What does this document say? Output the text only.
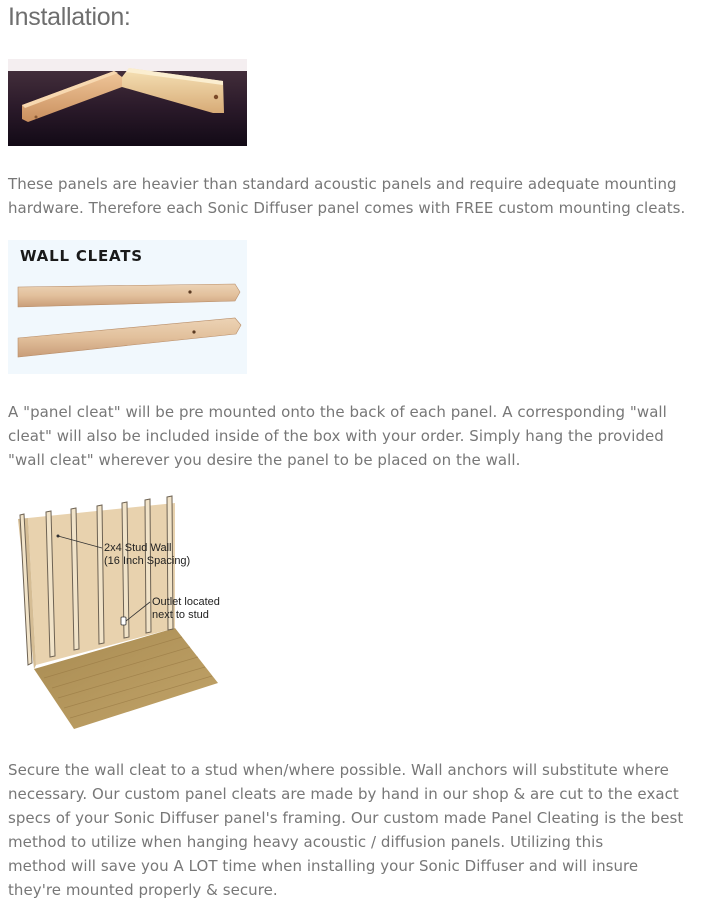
Installation:

These panels are heavier than standard acoustic panels and require adequate mounting
hardware. Therefore each Sonic Diffuser panel comes with FREE custom mounting cleats.

WALL CLEATS

A "panel cleat" will be pre mounted onto the back of each panel. A corresponding "wall
cleat" will also be included inside of the box with your order. Simply hang the provided
"wall cleat" wherever you desire the panel to be placed on the wall.

2x4 Stud Wall
(16 Inch Spacing)
Outlet located
next to stud

Secure the wall cleat to a stud when/where possible. Wall anchors will substitute where
necessary. Our custom panel cleats are made by hand in our shop & are cut to the exact
specs of your Sonic Diffuser panel's framing. Our custom made Panel Cleating is the best
method to utilize when hanging heavy acoustic / diffusion panels. Utilizing this
method will save you A LOT time when installing your Sonic Diffuser and will insure
they're mounted properly & secure.
